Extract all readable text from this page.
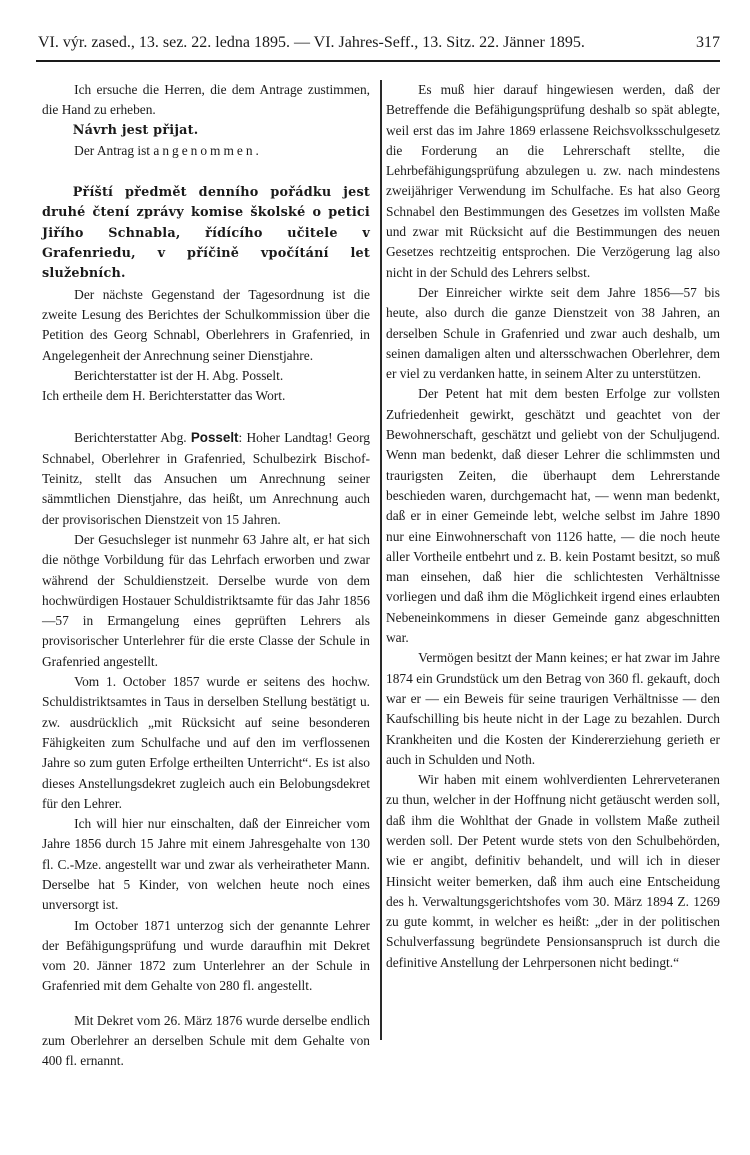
VI. výr. zased., 13. sez. 22. ledna 1895. — VI. Jahres-Seff., 13. Sitz. 22. Jänner 1895.	317

Ich ersuche die Herren, die dem Antrage zustimmen, die Hand zu erheben.

Návrh jest přijat.

Der Antrag ist angenommen.

Příští předmět denního pořádku jest druhé čtení zprávy komise školské o petici Jiřího Schnabla, řídícího učitele v Grafenriedu, v příčině vpočítání let služebních.

Der nächste Gegenstand der Tagesordnung ist die zweite Lesung des Berichtes der Schulkommission über die Petition des Georg Schnabl, Oberlehrers in Grafenried, in Angelegenheit der Anrechnung seiner Dienstjahre.

Berichterstatter ist der H. Abg. Posselt.

Ich ertheile dem H. Berichterstatter das Wort.

Berichterstatter Abg. Posselt: Hoher Landtag! Georg Schnabel, Oberlehrer in Grafenried, Schulbezirk Bischof-Teinitz, stellt das Ansuchen um Anrechnung seiner sämmtlichen Dienstjahre, das heißt, um Anrechnung auch der provisorischen Dienstzeit von 15 Jahren.

Der Gesuchsleger ist nunmehr 63 Jahre alt, er hat sich die nöthge Vorbildung für das Lehrfach erworben und zwar während der Schuldienstzeit. Derselbe wurde von dem hochwürdigen Hostauer Schuldistriktsamte für das Jahr 1856—57 in Ermangelung eines geprüften Lehrers als provisorischer Unterlehrer für die erste Classe der Schule in Grafenried angestellt.

Vom 1. October 1857 wurde er seitens des hochw. Schuldistriktsamtes in Taus in derselben Stellung bestätigt u. zw. ausdrücklich „mit Rücksicht auf seine besonderen Fähigkeiten zum Schulfache und auf den im verflossenen Jahre so zum guten Erfolge ertheilten Unterricht“. Es ist also dieses Anstellungsdekret zugleich auch ein Belobungsdekret für den Lehrer.

Ich will hier nur einschalten, daß der Einreicher vom Jahre 1856 durch 15 Jahre mit einem Jahresgehalte von 130 fl. C.-Mze. angestellt war und zwar als verheiratheter Mann. Derselbe hat 5 Kinder, von welchen heute noch eines unversorgt ist.

Im October 1871 unterzog sich der genannte Lehrer der Befähigungsprüfung und wurde daraufhin mit Dekret vom 20. Jänner 1872 zum Unterlehrer an der Schule in Grafenried mit dem Gehalte von 280 fl. angestellt.

Mit Dekret vom 26. März 1876 wurde derselbe endlich zum Oberlehrer an derselben Schule mit dem Gehalte von 400 fl. ernannt.

Es muß hier darauf hingewiesen werden, daß der Betreffende die Befähigungsprüfung deshalb so spät ablegte, weil erst das im Jahre 1869 erlassene Reichsvolksschulgesetz die Forderung an die Lehrerschaft stellte, die Lehrbefähigungsprüfung abzulegen u. zw. nach mindestens zweijähriger Verwendung im Schulfache. Es hat also Georg Schnabel den Bestimmungen des Gesetzes im vollsten Maße und zwar mit Rücksicht auf die Bestimmungen des neuen Gesetzes rechtzeitig entsprochen. Die Verzögerung lag also nicht in der Schuld des Lehrers selbst.

Der Einreicher wirkte seit dem Jahre 1856—57 bis heute, also durch die ganze Dienstzeit von 38 Jahren, an derselben Schule in Grafenried und zwar auch deshalb, um seinen damaligen alten und altersschwachen Oberlehrer, dem er viel zu verdanken hatte, in seinem Alter zu unterstützen.

Der Petent hat mit dem besten Erfolge zur vollsten Zufriedenheit gewirkt, geschätzt und geachtet von der Bewohnerschaft, geschätzt und geliebt von der Schuljugend. Wenn man bedenkt, daß dieser Lehrer die schlimmsten und traurigsten Zeiten, die überhaupt dem Lehrerstande beschieden waren, durchgemacht hat, — wenn man bedenkt, daß er in einer Gemeinde lebt, welche selbst im Jahre 1890 nur eine Einwohnerschaft von 1126 hatte, — die noch heute aller Vortheile entbehrt und z. B. kein Postamt besitzt, so muß man einsehen, daß hier die schlichtesten Verhältnisse vorliegen und daß ihm die Möglichkeit irgend eines erlaubten Nebeneinkommens in dieser Gemeinde ganz abgeschnitten war.

Vermögen besitzt der Mann keines; er hat zwar im Jahre 1874 ein Grundstück um den Betrag von 360 fl. gekauft, doch war er — ein Beweis für seine traurigen Verhältnisse — den Kaufschilling bis heute nicht in der Lage zu bezahlen. Durch Krankheiten und die Kosten der Kindererziehung gerieth er auch in Schulden und Noth.

Wir haben mit einem wohlverdienten Lehrerveteranen zu thun, welcher in der Hoffnung nicht getäuscht werden soll, daß ihm die Wohlthat der Gnade in vollstem Maße zutheil werden soll. Der Petent wurde stets von den Schulbehörden, wie er angibt, definitiv behandelt, und will ich in dieser Hinsicht weiter bemerken, daß ihm auch eine Entscheidung des h. Verwaltungsgerichtshofes vom 30. März 1894 Z. 1269 zu gute kommt, in welcher es heißt: „der in der politischen Schulverfassung begründete Pensionsanspruch ist durch die definitive Anstellung der Lehrpersonen nicht bedingt.“
